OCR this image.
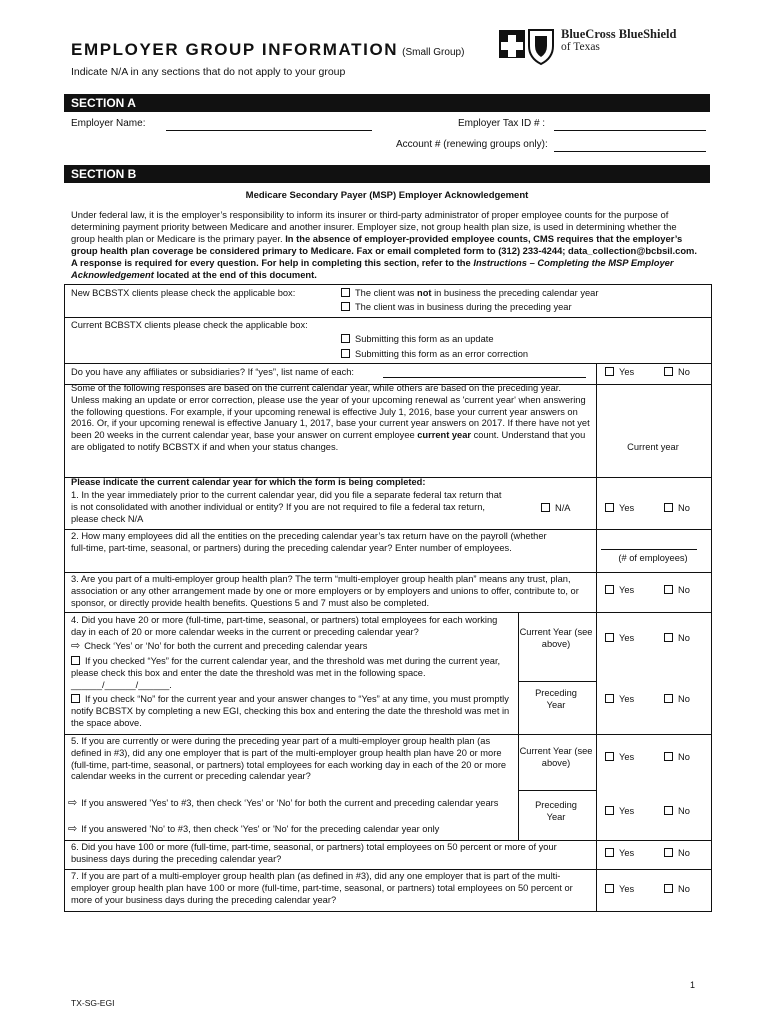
EMPLOYER GROUP INFORMATION (Small Group)
Indicate N/A in any sections that do not apply to your group
BlueCross BlueShield
of Texas
SECTION A
Employer Name:	Employer Tax ID # :
Account # (renewing groups only):
SECTION B
Medicare Secondary Payer (MSP) Employer Acknowledgement
Under federal law, it is the employer’s responsibility to inform its insurer or third-party administrator of proper employee counts for the purpose of determining payment priority between Medicare and another insurer. Employer size, not group health plan size, is used in determining whether the group health plan or Medicare is the primary payer. In the absence of employer-provided employee counts, CMS requires that the employer’s group health plan coverage be considered primary to Medicare. Fax or email completed form to (312) 233-4244; data_collection@bcbsil.com. A response is required for every question. For help in completing this section, refer to the Instructions – Completing the MSP Employer Acknowledgement located at the end of this document.
New BCBSTX clients please check the applicable box:	The client was not in business the preceding calendar year
The client was in business during the preceding year
Current BCBSTX clients please check the applicable box:
Submitting this form as an update
Submitting this form as an error correction
Do you have any affiliates or subsidiaries? If “yes”, list name of each:	Yes	No
Some of the following responses are based on the current calendar year, while others are based on the preceding year. Unless making an update or error correction, please use the year of your upcoming renewal as 'current year' when answering the following questions. For example, if your upcoming renewal is effective July 1, 2016, base your current year answers on 2016. Or, if your upcoming renewal is effective January 1, 2017, base your current year answers on 2017. If there have not yet been 20 weeks in the current calendar year, base your answer on current employee current year count. Understand that you are obligated to notify BCBSTX if and when your status changes.	Current year
Please indicate the current calendar year for which the form is being completed:
1. In the year immediately prior to the current calendar year, did you file a separate federal tax return that is not consolidated with another individual or entity? If you are not required to file a federal tax return, please check N/A
N/A	Yes	No
2. How many employees did all the entities on the preceding calendar year’s tax return have on the payroll (whether full-time, part-time, seasonal, or partners) during the preceding calendar year? Enter number of employees.
(# of employees)
3. Are you part of a multi-employer group health plan? The term “multi-employer group health plan” means any trust, plan, association or any other arrangement made by one or more employers or by employers and unions to offer, contribute to, or sponsor, or directly provide health benefits. Questions 5 and 7 must also be completed.
Yes	No
4. Did you have 20 or more (full-time, part-time, seasonal, or partners) total employees for each working day in each of 20 or more calendar weeks in the current or preceding calendar year?
⇨ Check ‘Yes’ or ‘No’ for both the current and preceding calendar years
If you checked “Yes” for the current calendar year, and the threshold was met during the current year, please check this box and enter the date the threshold was met in the following space. ______/______/______.
If you check “No” for the current year and your answer changes to “Yes” at any time, you must promptly notify BCBSTX by completing a new EGI, checking this box and entering the date the threshold was met in the space above.
Current Year (see above)
Preceding Year
Yes	No
Yes	No
5. If you are currently or were during the preceding year part of a multi-employer group health plan (as defined in #3), did any one employer that is part of the multi-employer group health plan have 20 or more (full-time, part-time, seasonal, or partners) total employees for each working day in each of the 20 or more calendar weeks in the current or preceding calendar year?
⇨ If you answered 'Yes' to #3, then check ‘Yes’ or ‘No’ for both the current and preceding calendar years
⇨ If you answered 'No' to #3, then check 'Yes' or 'No' for the preceding calendar year only
Current Year (see above)
Preceding Year
Yes	No
Yes	No
6. Did you have 100 or more (full-time, part-time, seasonal, or partners) total employees on 50 percent or more of your business days during the preceding calendar year?
Yes	No
7. If you are part of a multi-employer group health plan (as defined in #3), did any one employer that is part of the multi-employer group health plan have 100 or more (full-time, part-time, seasonal, or partners) total employees on 50 percent or more of your business days during the preceding calendar year?
Yes	No
1
TX-SG-EGI
